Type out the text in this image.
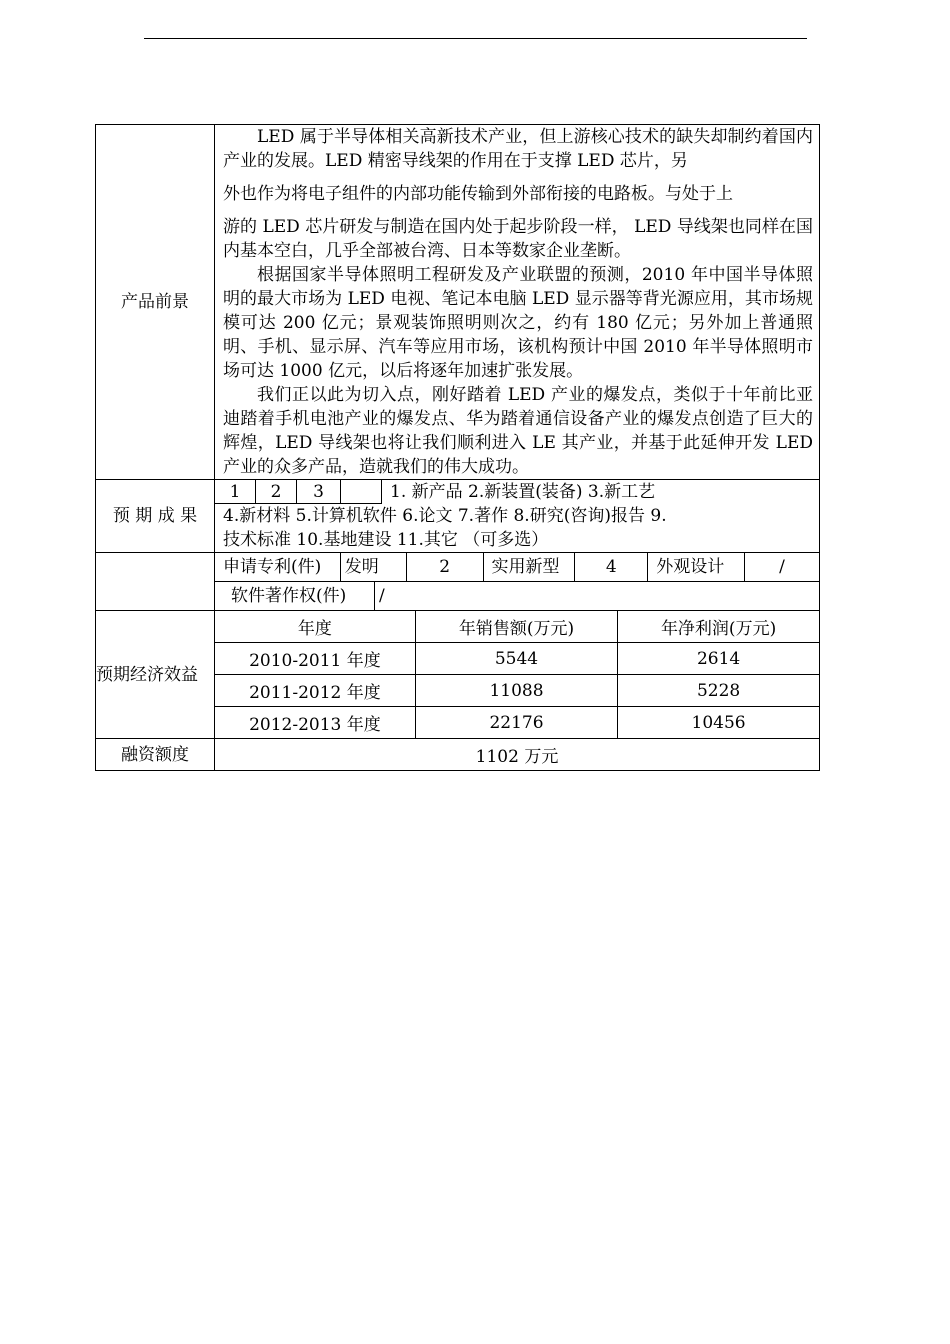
产品前景	

LED 属于半导体相关高新技术产业，但上游核心技术的缺失却制约着国内产业的发展。LED 精密导线架的作用在于支撑 LED 芯片，另

外也作为将电子组件的内部功能传输到外部衔接的电路板。与处于上
游的 LED 芯片研发与制造在国内处于起步阶段一样， LED 导线架也同样在国内基本空白，几乎全部被台湾、日本等数家企业垄断。

根据国家半导体照明工程研发及产业联盟的预测，2010 年中国半导体照明的最大市场为 LED 电视、笔记本电脑 LED 显示器等背光源应用，其市场规模可达 200 亿元；景观装饰照明则次之，约有 180 亿元；另外加上普通照明、手机、显示屏、汽车等应用市场，该机构预计中国 2010 年半导体照明市场可达 1000 亿元，以后将逐年加速扩张发展。

我们正以此为切入点，刚好踏着 LED 产业的爆发点，类似于十年前比亚迪踏着手机电池产业的爆发点、华为踏着通信设备产业的爆发点创造了巨大的辉煌，LED 导线架也将让我们顺利进入 LE 其产业，并基于此延伸开发 LED 产业的众多产品，造就我们的伟大成功。

预 期 成 果	
1	2	3		1. 新产品 2.新装置(装备) 3.新工艺
4.新材料 5.计算机软件 6.论文 7.著作 8.研究(咨询)报告 9.
技术标准 10.基地建设 11.其它 （可多选）

申请专利(件)	发明	2	实用新型	4	外观设计	/
软件著作权(件)	/

预期经济效益	
年度	年销售额(万元)	年净利润(万元)
2010-2011 年度	5544	2614
2011-2012 年度	11088	5228
2012-2013 年度	22176	10456

融资额度	1102 万元
